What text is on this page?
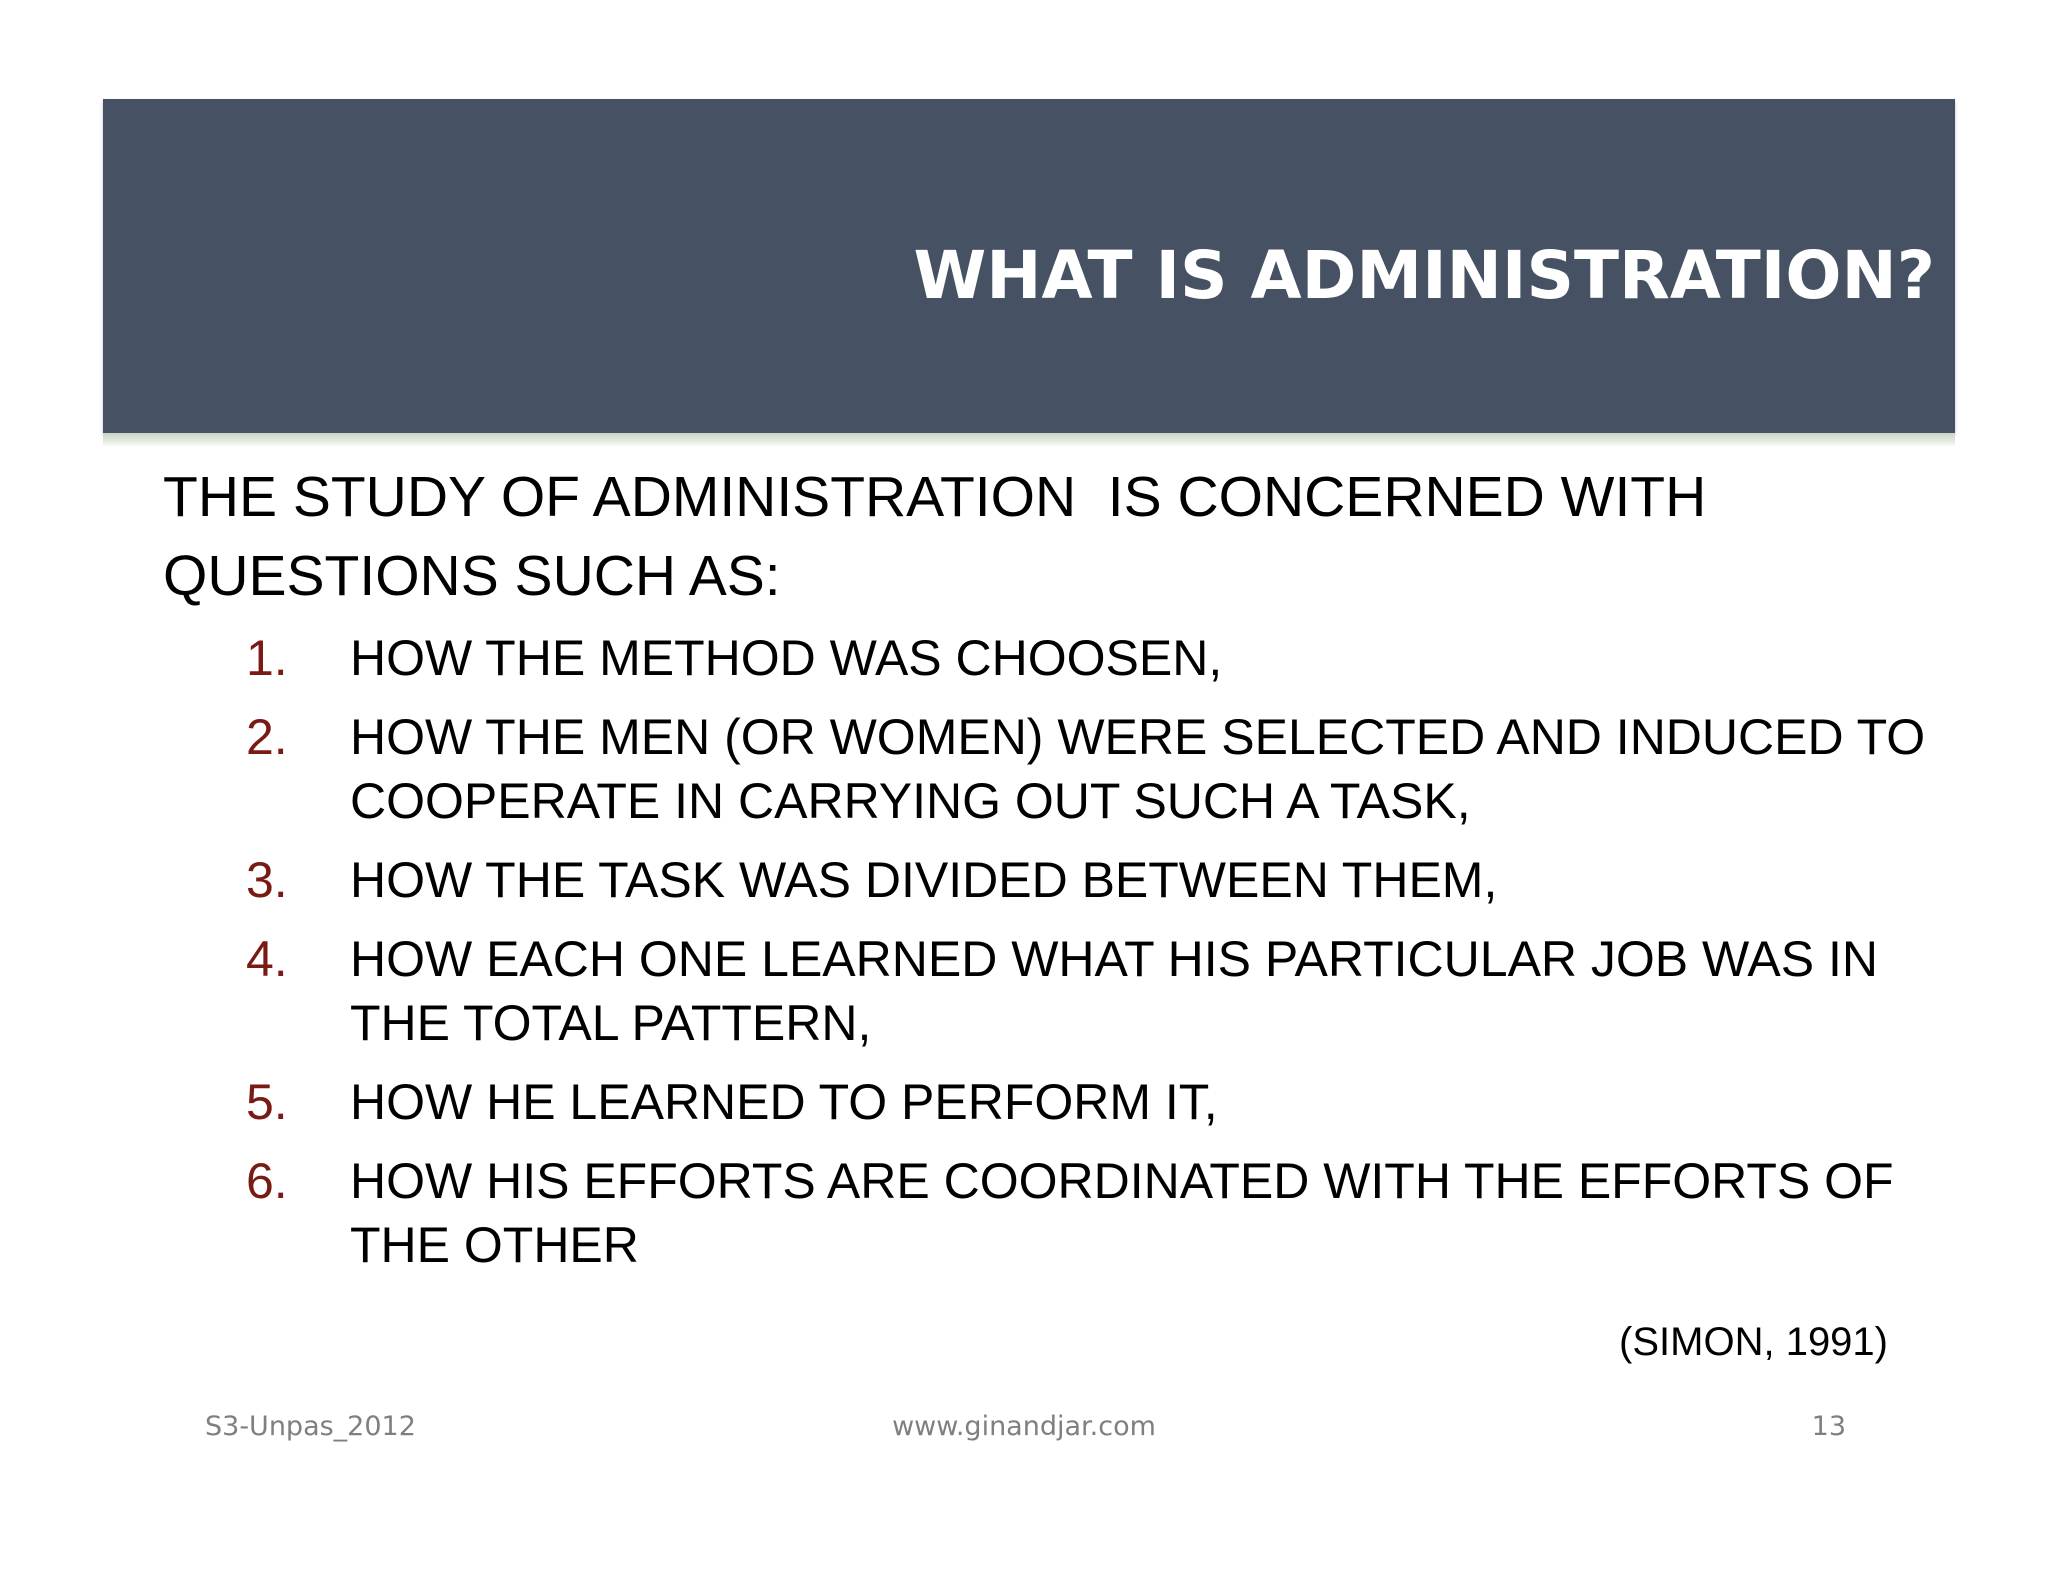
WHAT IS ADMINISTRATION?

THE STUDY OF ADMINISTRATION  IS CONCERNED WITH QUESTIONS SUCH AS:

1.	HOW THE METHOD WAS CHOOSEN,
2.	HOW THE MEN (OR WOMEN) WERE SELECTED AND INDUCED TO COOPERATE IN CARRYING OUT SUCH A TASK,
3.	HOW THE TASK WAS DIVIDED BETWEEN THEM,
4.	HOW EACH ONE LEARNED WHAT HIS PARTICULAR JOB WAS IN THE TOTAL PATTERN,
5.	HOW HE LEARNED TO PERFORM IT,
6.	HOW HIS EFFORTS ARE COORDINATED WITH THE EFFORTS OF THE OTHER

(SIMON, 1991)

S3-Unpas_2012	www.ginandjar.com	13
